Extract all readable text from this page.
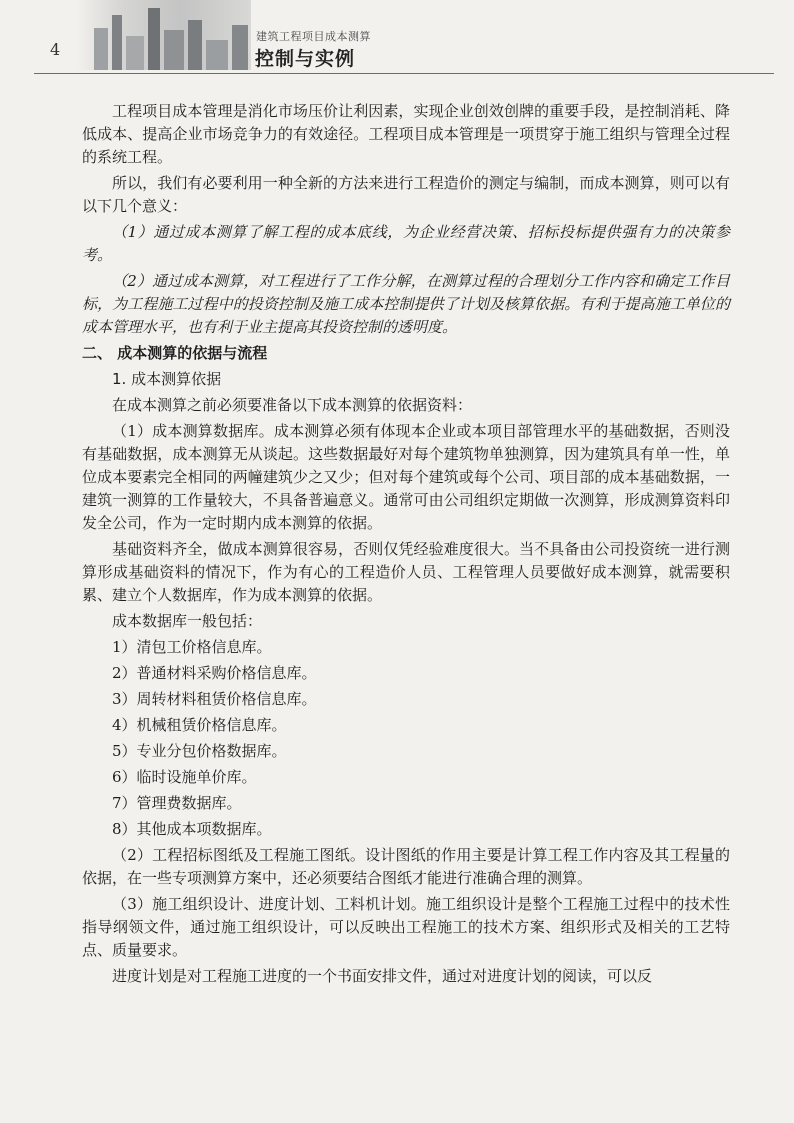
4
建筑工程项目成本测算
控制与实例

工程项目成本管理是消化市场压价让利因素，实现企业创效创牌的重要手段，是控制消耗、降低成本、提高企业市场竞争力的有效途径。工程项目成本管理是一项贯穿于施工组织与管理全过程的系统工程。

所以，我们有必要利用一种全新的方法来进行工程造价的测定与编制，而成本测算，则可以有以下几个意义：

（1）通过成本测算了解工程的成本底线，为企业经营决策、招标投标提供强有力的决策参考。

（2）通过成本测算，对工程进行了工作分解，在测算过程的合理划分工作内容和确定工作目标，为工程施工过程中的投资控制及施工成本控制提供了计划及核算依据。有利于提高施工单位的成本管理水平，也有利于业主提高其投资控制的透明度。

二、 成本测算的依据与流程
1. 成本测算依据

在成本测算之前必须要准备以下成本测算的依据资料：

（1）成本测算数据库。成本测算必须有体现本企业或本项目部管理水平的基础数据，否则没有基础数据，成本测算无从谈起。这些数据最好对每个建筑物单独测算，因为建筑具有单一性，单位成本要素完全相同的两幢建筑少之又少；但对每个建筑或每个公司、项目部的成本基础数据，一建筑一测算的工作量较大，不具备普遍意义。通常可由公司组织定期做一次测算，形成测算资料印发全公司，作为一定时期内成本测算的依据。

基础资料齐全，做成本测算很容易，否则仅凭经验难度很大。当不具备由公司投资统一进行测算形成基础资料的情况下，作为有心的工程造价人员、工程管理人员要做好成本测算，就需要积累、建立个人数据库，作为成本测算的依据。

成本数据库一般包括：

1）清包工价格信息库。

2）普通材料采购价格信息库。

3）周转材料租赁价格信息库。

4）机械租赁价格信息库。

5）专业分包价格数据库。

6）临时设施单价库。

7）管理费数据库。

8）其他成本项数据库。

（2）工程招标图纸及工程施工图纸。设计图纸的作用主要是计算工程工作内容及其工程量的依据，在一些专项测算方案中，还必须要结合图纸才能进行准确合理的测算。

（3）施工组织设计、进度计划、工料机计划。施工组织设计是整个工程施工过程中的技术性指导纲领文件，通过施工组织设计，可以反映出工程施工的技术方案、组织形式及相关的工艺特点、质量要求。

进度计划是对工程施工进度的一个书面安排文件，通过对进度计划的阅读，可以反
